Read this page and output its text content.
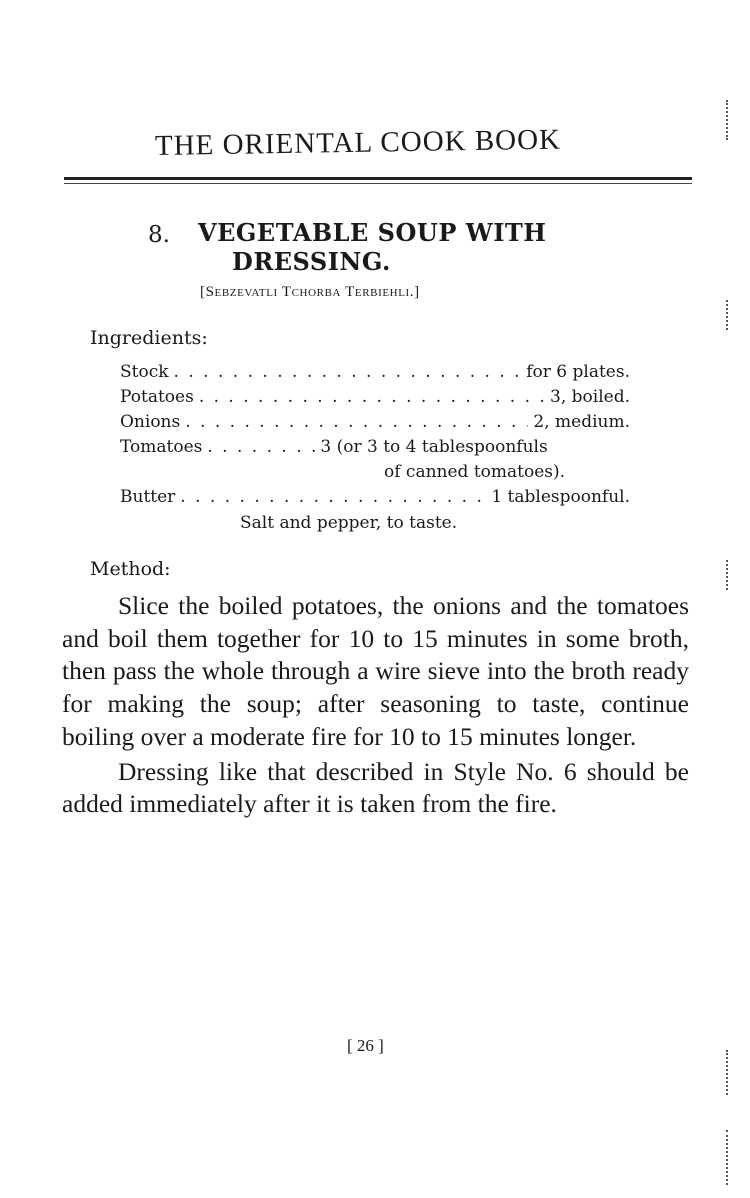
THE ORIENTAL COOK BOOK
8. VEGETABLE SOUP WITH
DRESSING.
[Sebzevatli Tchorba Terbiehli.]
Ingredients:
Stock . . .	for 6 plates.
Potatoes . . .	3, boiled.
Onions . . .	2, medium.
Tomatoes . . .	3 (or 3 to 4 tablespoonfuls
of canned tomatoes).
Butter . . .	1 tablespoonful.
Salt and pepper, to taste.
Method:

Slice the boiled potatoes, the onions and the tomatoes and boil them together for 10 to 15 minutes in some broth, then pass the whole through a wire sieve into the broth ready for making the soup; after seasoning to taste, continue boiling over a moderate fire for 10 to 15 minutes longer.

Dressing like that described in Style No. 6 should be added immediately after it is taken from the fire.

[ 26 ]
